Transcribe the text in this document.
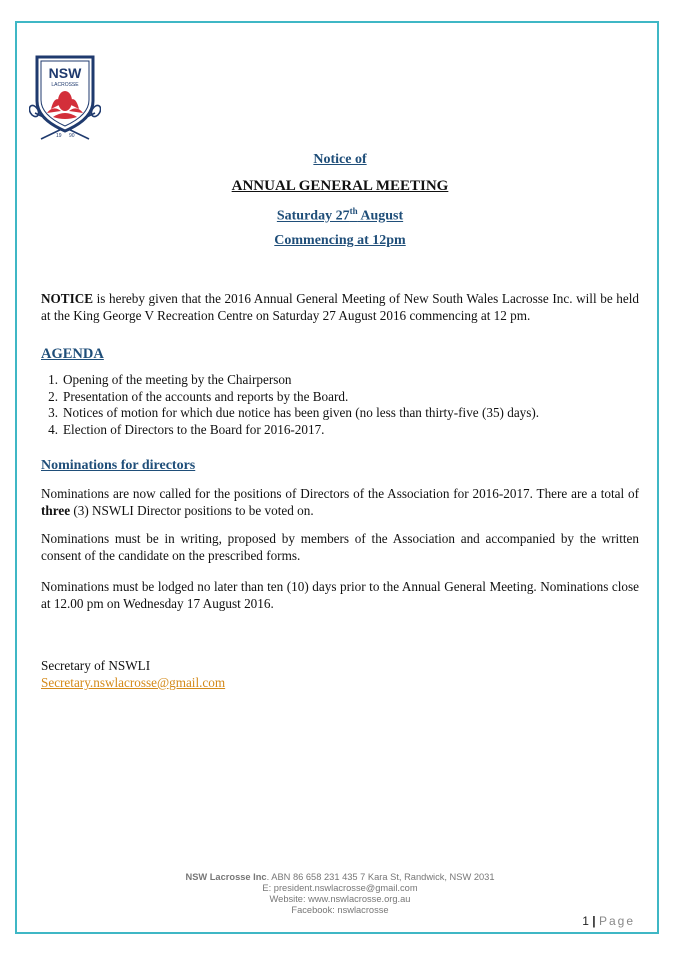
NSW
LACROSSE
19 90
Notice of
ANNUAL GENERAL MEETING
Saturday 27th August
Commencing at 12pm
NOTICE is hereby given that the 2016 Annual General Meeting of New South Wales Lacrosse Inc. will be held at the King George V Recreation Centre on Saturday 27 August 2016 commencing at 12 pm.
AGENDA
1. Opening of the meeting by the Chairperson
2. Presentation of the accounts and reports by the Board.
3. Notices of motion for which due notice has been given (no less than thirty-five (35) days).
4. Election of Directors to the Board for 2016-2017.
Nominations for directors
Nominations are now called for the positions of Directors of the Association for 2016-2017. There are a total of three (3) NSWLI Director positions to be voted on.
Nominations must be in writing, proposed by members of the Association and accompanied by the written consent of the candidate on the prescribed forms.
Nominations must be lodged no later than ten (10) days prior to the Annual General Meeting. Nominations close at 12.00 pm on Wednesday 17 August 2016.
Secretary of NSWLI
Secretary.nswlacrosse@gmail.com
NSW Lacrosse Inc. ABN 86 658 231 435 7 Kara St, Randwick, NSW 2031
E: president.nswlacrosse@gmail.com
Website: www.nswlacrosse.org.au
Facebook: nswlacrosse
1 | Page
